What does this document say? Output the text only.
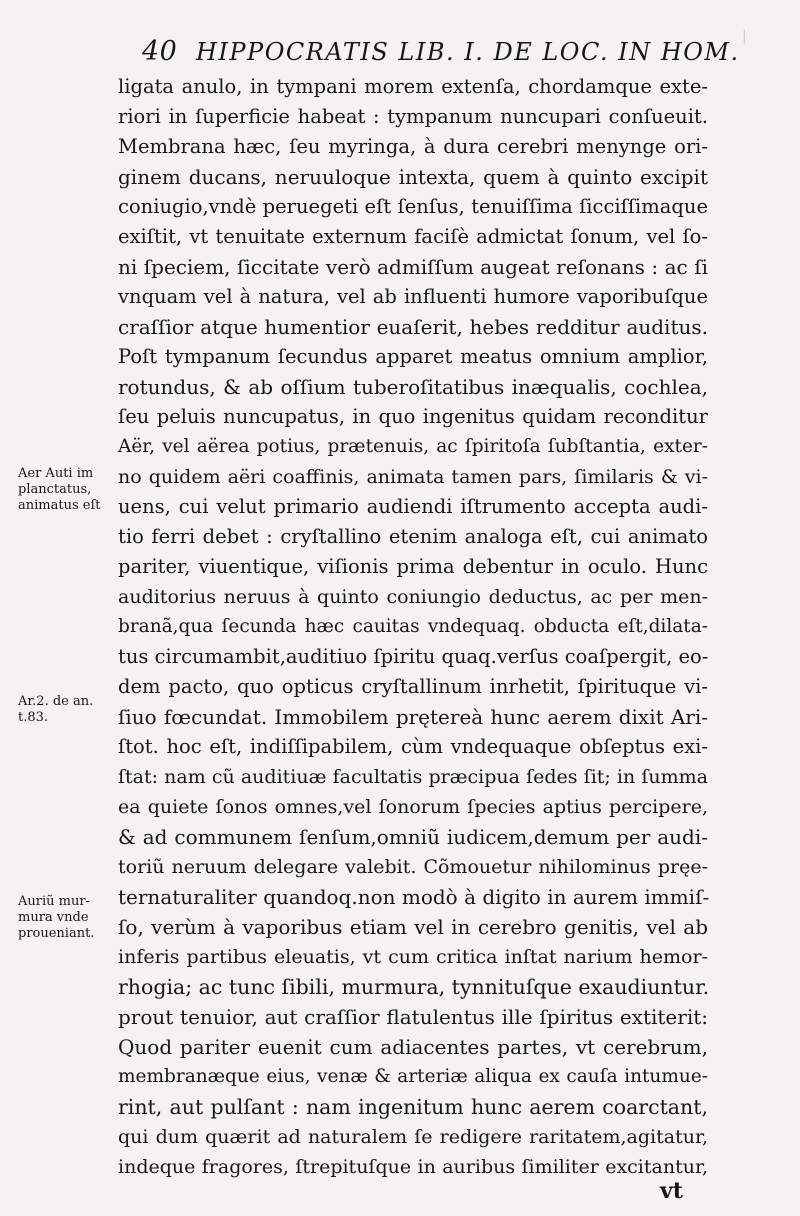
40 HIPPOCRATIS LIB. I. DE LOC. IN HOM.

|
ligata anulo, in tympani morem extenſa, chordamque exte-
riori in ſuperficie habeat : tympanum nuncupari conſueuit.
Membrana hæc, ſeu myringa, à dura cerebri menynge ori-
ginem ducans, neruuloque intexta, quem à quinto excipit
coniugio,vndè peruegeti eſt ſenſus, tenuiſſima ſicciſſimaque
exiſtit, vt tenuitate externum faciſè admictat ſonum, vel ſo-
ni ſpeciem, ſiccitate verò admiſſum augeat reſonans : ac ſi
vnquam vel à natura, vel ab influenti humore vaporibuſque
craſſior atque humentior euaſerit, hebes redditur auditus.
Poſt tympanum ſecundus apparet meatus omnium amplior,
rotundus, & ab oſſium tuberoſitatibus inæqualis, cochlea,
ſeu peluis nuncupatus, in quo ingenitus quidam reconditur
Aër, vel aërea potius, prætenuis, ac ſpiritoſa ſubſtantia, exter-
no quidem aëri coaffinis, animata tamen pars, ſimilaris & vi-
uens, cui velut primario audiendi iſtrumento accepta audi-
tio ferri debet : cryſtallino etenim analoga eſt, cui animato
pariter, viuentique, viſionis prima debentur in oculo. Hunc
auditorius neruus à quinto coniungio deductus, ac per men-
branã,qua ſecunda hæc cauitas vndequaq. obducta eſt,dilata-
tus circumambit,auditiuo ſpiritu quaq.verſus coaſpergit, eo-
dem pacto, quo opticus cryſtallinum inrhetit, ſpirituque vi-
ſiuo fœcundat. Immobilem prętereà hunc aerem dixit Ari-
ſtot. hoc eſt, indiſſipabilem, cùm vndequaque obſeptus exi-
ſtat: nam cũ auditiuæ facultatis præcipua ſedes ſit; in ſumma
ea quiete ſonos omnes,vel ſonorum ſpecies aptius percipere,
& ad communem ſenſum,omniũ iudicem,demum per audi-
toriũ neruum delegare valebit. Cõmouetur nihilominus pręe-
ternaturaliter quandoq.non modò à digito in aurem immiſ-
ſo, verùm à vaporibus etiam vel in cerebro genitis, vel ab
inferis partibus eleuatis, vt cum critica inſtat narium hemor-
rhogia; ac tunc ſibili, murmura, tynnituſque exaudiuntur.
prout tenuior, aut craſſior flatulentus ille ſpiritus extiterit:
Quod pariter euenit cum adiacentes partes, vt cerebrum,
membranæque eius, venæ & arteriæ aliqua ex cauſa intumue-
rint, aut pulſant : nam ingenitum hunc aerem coarctant,
qui dum quærit ad naturalem ſe redigere raritatem,agitatur,
indeque fragores, ſtrepituſque in auribus ſimiliter excitantur,
Aer Auti im
planctatus,
animatus eſt
Ar.2. de an.
t.83.
Auriũ mur-
mura vnde
proueniant.
vt
